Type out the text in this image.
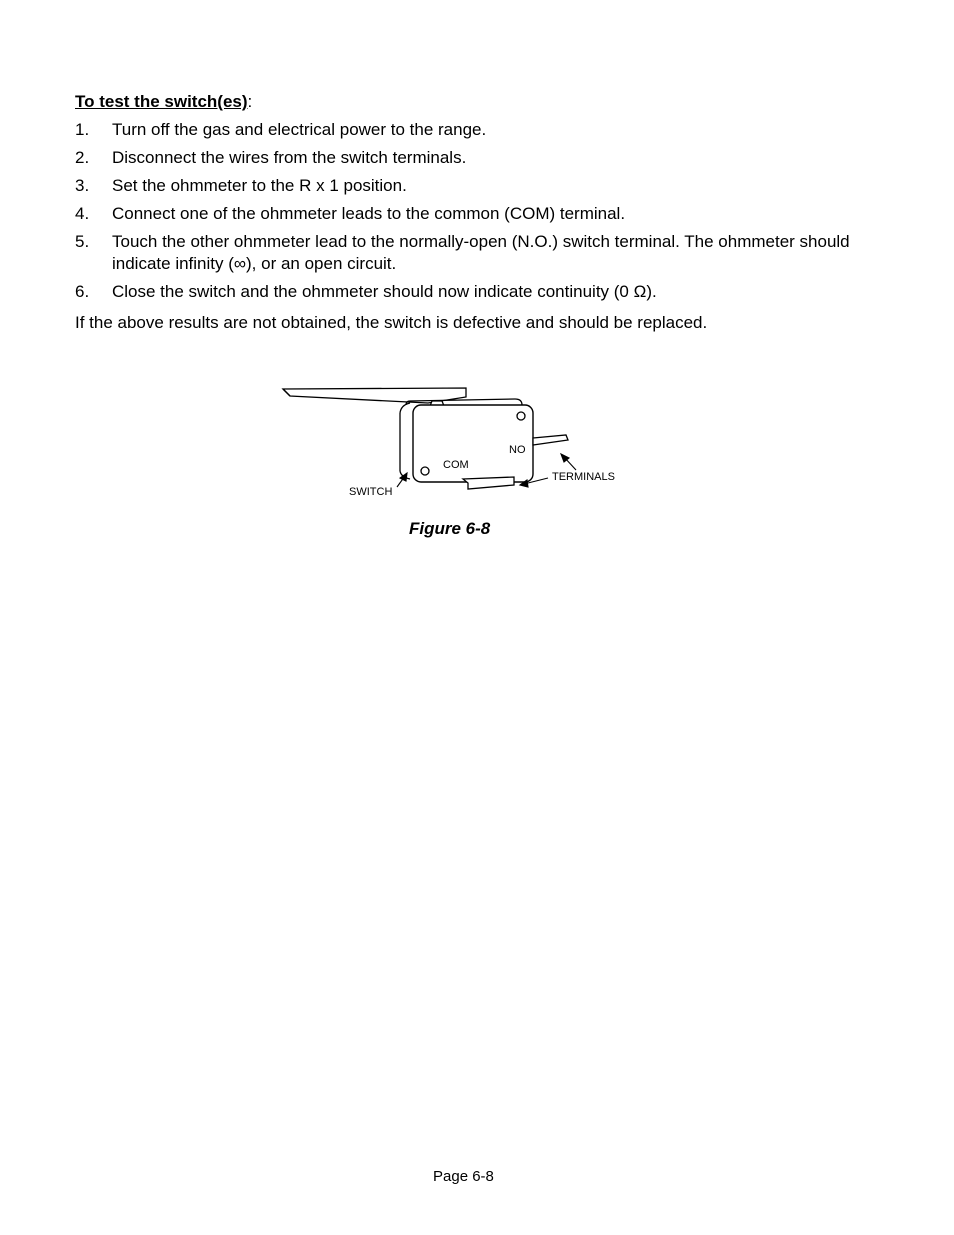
To test the switch(es):
1. Turn off the gas and electrical power to the range.
2. Disconnect the wires from the switch terminals.
3. Set the ohmmeter to the R x 1 position.
4. Connect one of the ohmmeter leads to the common (COM) terminal.
5. Touch the other ohmmeter lead to the normally-open (N.O.) switch terminal. The ohmmeter should indicate infinity (∞), or an open circuit.
6. Close the switch and the ohmmeter should now indicate continuity (0 Ω).
If the above results are not obtained, the switch is defective and should be replaced.
NO
COM
TERMINALS
SWITCH
Figure 6-8
Page 6-8
